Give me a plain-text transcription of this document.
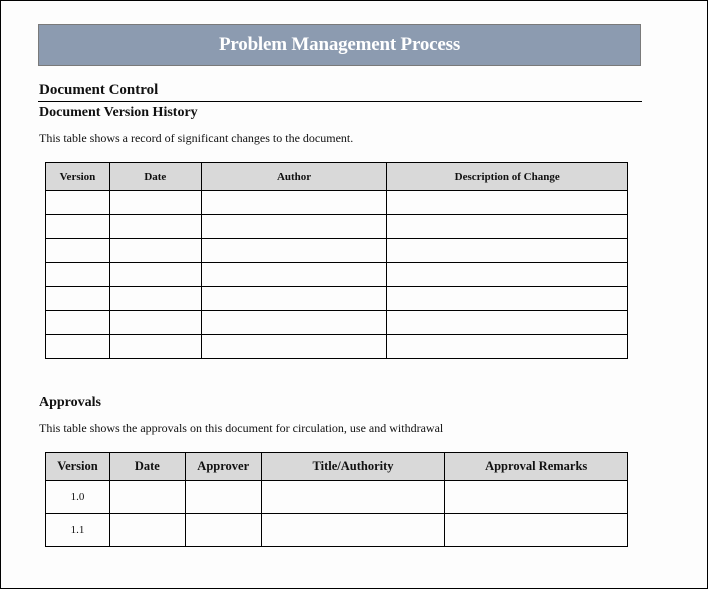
Problem Management Process
Document Control
Document Version History
This table shows a record of significant changes to the document.
Version	Date	Author	Description of Change

Approvals
This table shows the approvals on this document for circulation, use and withdrawal
Version	Date	Approver	Title/Authority	Approval Remarks
1.0				
1.1				
